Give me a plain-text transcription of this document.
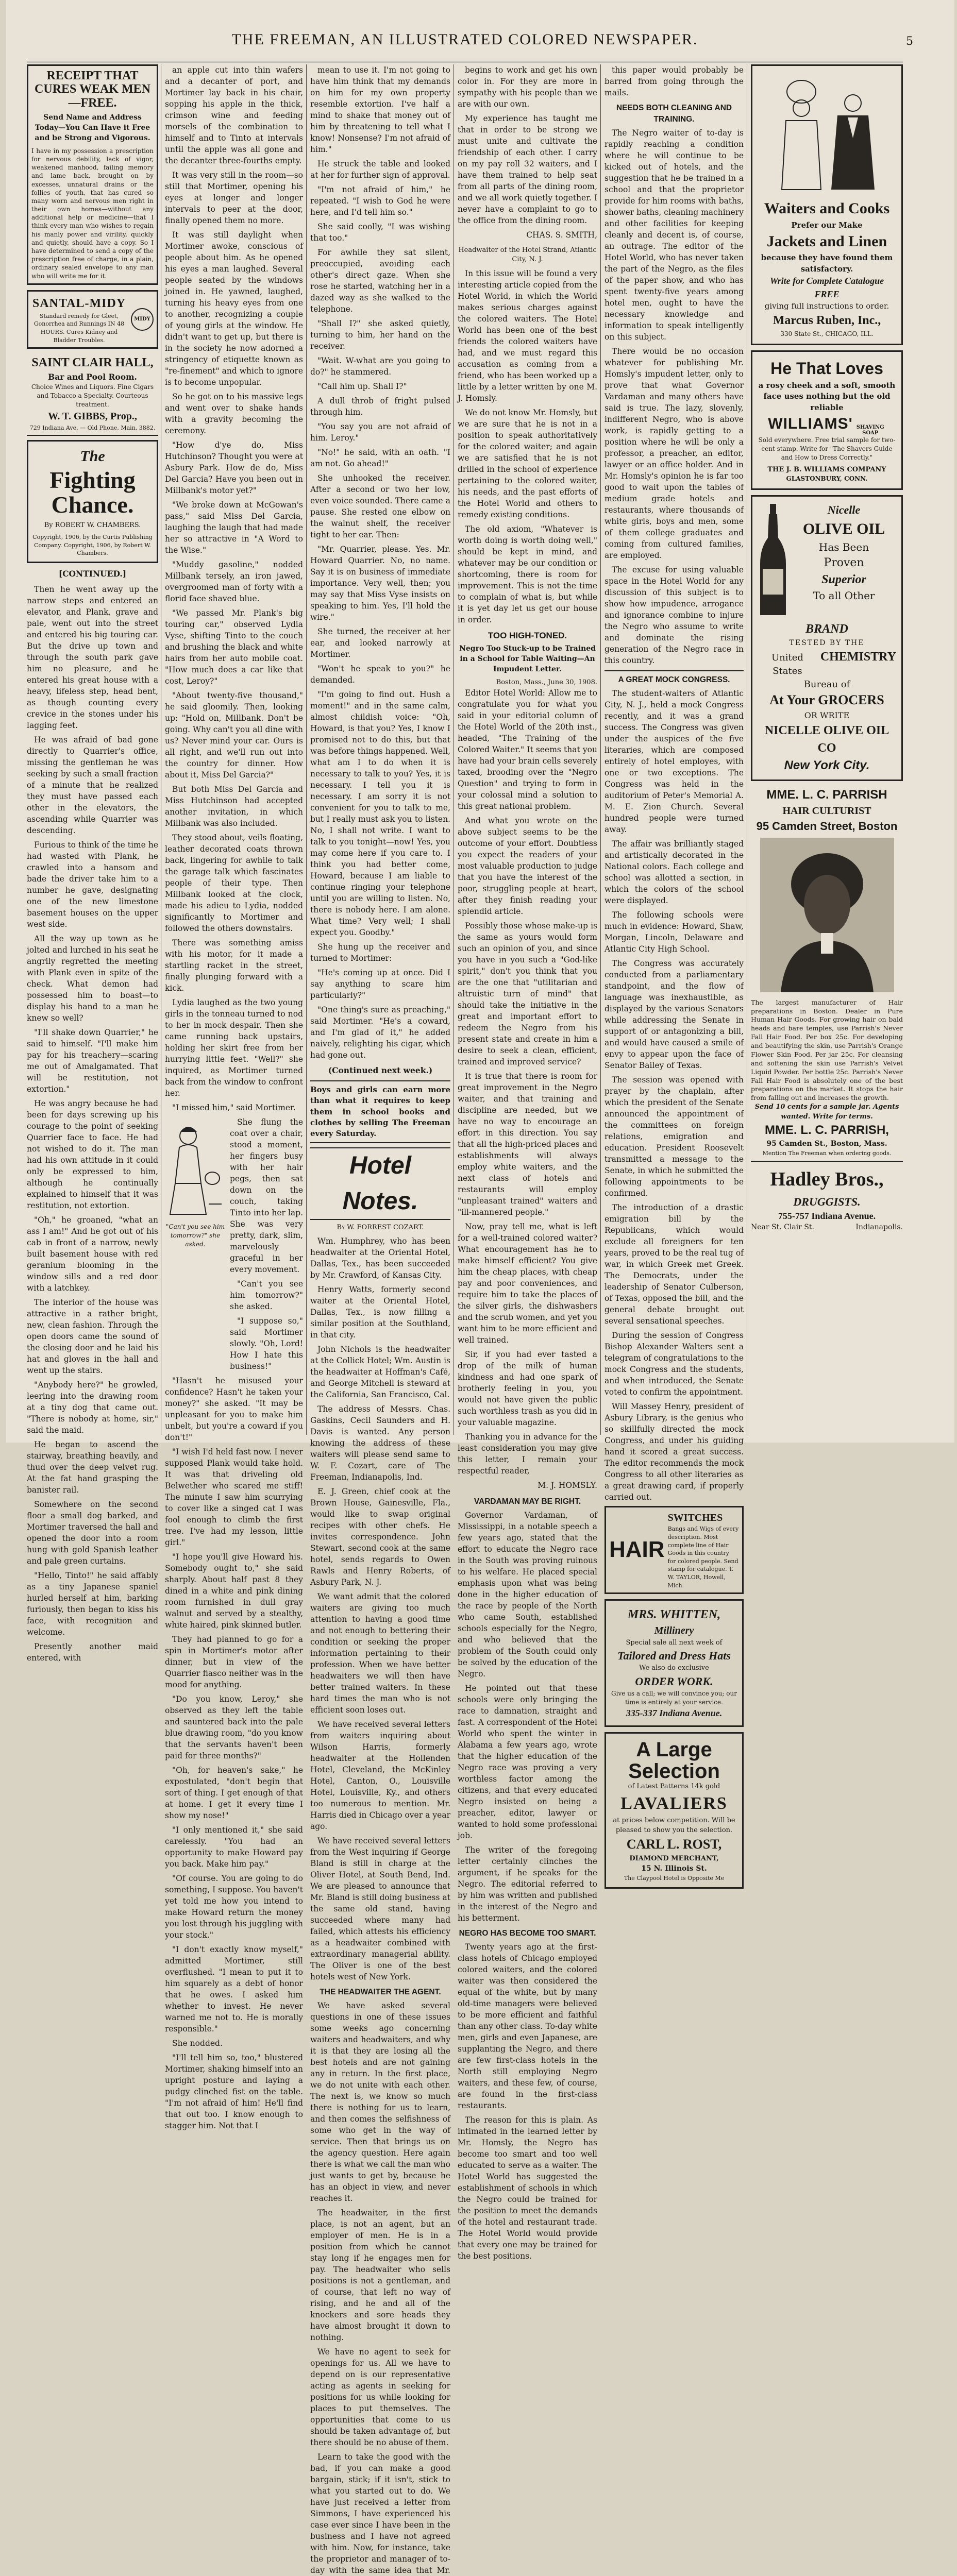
THE FREEMAN, AN ILLUSTRATED COLORED NEWSPAPER.	5
RECEIPT THAT CURES WEAK MEN—FREE.
Send Name and Address Today—You Can Have it Free and be Strong and Vigorous.
I have in my possession a prescription for nervous debility, lack of vigor, weakened manhood, failing memory and lame back, brought on by excesses, unnatural drains or the follies of youth, that has cured so many worn and nervous men right in their own homes—without any additional help or medicine—that I think every man who wishes to regain his manly power and virility, quickly and quietly, should have a copy. So I have determined to send a copy of the prescription free of charge, in a plain, ordinary sealed envelope to any man who will write me for it.
SANTAL-MIDY
Standard remedy for Gleet, Gonorrhea and Runnings IN 48 HOURS. Cures Kidney and Bladder Troubles.
MIDY
SAINT CLAIR HALL,
Bar and Pool Room.
Choice Wines and Liquors. Fine Cigars and Tobacco a Specialty. Courteous treatment.
W. T. GIBBS, Prop.,
729 Indiana Ave. — Old Phone, Main, 3882.
The
Fighting Chance.
By ROBERT W. CHAMBERS.
Copyright, 1906, by the Curtis Publishing Company. Copyright, 1906, by Robert W. Chambers.
[CONTINUED.]

Then he went away up the narrow steps and entered an elevator, and Plank, grave and pale, went out into the street and entered his big touring car. But the drive up town and through the south park gave him no pleasure, and he entered his great house with a heavy, lifeless step, head bent, as though counting every crevice in the stones under his lagging feet.

He was afraid of bad gone directly to Quarrier's office, missing the gentleman he was seeking by such a small fraction of a minute that he realized they must have passed each other in the elevators, the ascending while Quarrier was descending.

Furious to think of the time he had wasted with Plank, he crawled into a hansom and bade the driver take him to a number he gave, designating one of the new limestone basement houses on the upper west side.

All the way up town as he jolted and lurched in his seat he angrily regretted the meeting with Plank even in spite of the check. What demon had possessed him to boast—to display his hand to a man he knew so well?

"I'll shake down Quarrier," he said to himself. "I'll make him pay for his treachery—scaring me out of Amalgamated. That will be restitution, not extortion."

He was angry because he had been for days screwing up his courage to the point of seeking Quarrier face to face. He had not wished to do it. The man had his own attitude in it could only be expressed to him, although he continually explained to himself that it was restitution, not extortion.

"Oh," he groaned, "what an ass I am!" And he got out of his cab in front of a narrow, newly built basement house with red geranium blooming in the window sills and a red door with a latchkey.

The interior of the house was attractive in a rather bright, new, clean fashion. Through the open doors came the sound of the closing door and he laid his hat and gloves in the hall and went up the stairs.

"Anybody here?" he growled, leering into the drawing room at a tiny dog that came out. "There is nobody at home, sir," said the maid.

He began to ascend the stairway, breathing heavily, and thud over the deep velvet rug. At the fat hand grasping the banister rail.

Somewhere on the second floor a small dog barked, and Mortimer traversed the hall and opened the door into a room hung with gold Spanish leather and pale green curtains.

"Hello, Tinto!" he said affably as a tiny Japanese spaniel hurled herself at him, barking furiously, then began to kiss his face, with recognition and welcome.

Presently another maid entered, with

an apple cut into thin wafers and a decanter of port, and Mortimer lay back in his chair, sopping his apple in the thick, crimson wine and feeding morsels of the combination to himself and to Tinto at intervals until the apple was all gone and the decanter three-fourths empty.

It was very still in the room—so still that Mortimer, opening his eyes at longer and longer intervals to peer at the door, finally opened them no more.

It was still daylight when Mortimer awoke, conscious of people about him. As he opened his eyes a man laughed. Several people seated by the windows joined in. He yawned, laughed, turning his heavy eyes from one to another, recognizing a couple of young girls at the window. He didn't want to get up, but there is in the society he now adorned a stringency of etiquette known as "re-finement" and which to ignore is to become unpopular.

So he got on to his massive legs and went over to shake hands with a gravity becoming the ceremony.

"How d'ye do, Miss Hutchinson? Thought you were at Asbury Park. How de do, Miss Del Garcia? Have you been out in Millbank's motor yet?"

"We broke down at McGowan's pass," said Miss Del Garcia, laughing the laugh that had made her so attractive in "A Word to the Wise."

"Muddy gasoline," nodded Millbank tersely, an iron jawed, overgroomed man of forty with a florid face shaved blue.

"We passed Mr. Plank's big touring car," observed Lydia Vyse, shifting Tinto to the couch and brushing the black and white hairs from her auto mobile coat. "How much does a car like that cost, Leroy?"

"About twenty-five thousand," he said gloomily. Then, looking up: "Hold on, Millbank. Don't be going. Why can't you all dine with us? Never mind your car. Ours is all right, and we'll run out into the country for dinner. How about it, Miss Del Garcia?"

But both Miss Del Garcia and Miss Hutchinson had accepted another invitation, in which Millbank was also included.

They stood about, veils floating, leather decorated coats thrown back, lingering for awhile to talk the garage talk which fascinates people of their type. Then Millbank looked at the clock, made his adieu to Lydia, nodded significantly to Mortimer and followed the others downstairs.

There was something amiss with his motor, for it made a startling racket in the street, finally plunging forward with a kick.

Lydia laughed as the two young girls in the tonneau turned to nod to her in mock despair. Then she came running back upstairs, holding her skirt free from her hurrying little feet. "Well?" she inquired, as Mortimer turned back from the window to confront her.

"I missed him," said Mortimer.

"Can't you see him tomorrow?" she asked.

She flung the coat over a chair, stood a moment, her fingers busy with her hair pegs, then sat down on the couch, taking Tinto into her lap. She was very pretty, dark, slim, marvelously graceful in her every movement.

"Can't you see him tomorrow?" she asked.

"I suppose so," said Mortimer slowly. "Oh, Lord! How I hate this business!"

"Hasn't he misused your confidence? Hasn't he taken your money?" she asked. "It may be unpleasant for you to make him unbelt, but you're a coward if you don't!"

"I wish I'd held fast now. I never supposed Plank would take hold. It was that driveling old Belwether who scared me stiff! The minute I saw him scurrying to cover like a singed cat I was fool enough to climb the first tree. I've had my lesson, little girl."

"I hope you'll give Howard his. Somebody ought to," she said sharply. About half past 8 they dined in a white and pink dining room furnished in dull gray walnut and served by a stealthy, white haired, pink skinned butler.

They had planned to go for a spin in Mortimer's motor after dinner, but in view of the Quarrier fiasco neither was in the mood for anything.

"Do you know, Leroy," she observed as they left the table and sauntered back into the pale blue drawing room, "do you know that the servants haven't been paid for three months?"

"Oh, for heaven's sake," he expostulated, "don't begin that sort of thing. I get enough of that at home. I get it every time I show my nose!"

"I only mentioned it," she said carelessly. "You had an opportunity to make Howard pay you back. Make him pay."

"Of course. You are going to do something, I suppose. You haven't yet told me how you intend to make Howard return the money you lost through his juggling with your stock."

"I don't exactly know myself," admitted Mortimer, still overflushed. "I mean to put it to him squarely as a debt of honor that he owes. I asked him whether to invest. He never warned me not to. He is morally responsible."

She nodded.

"I'll tell him so, too," blustered Mortimer, shaking himself into an upright posture and laying a pudgy clinched fist on the table. "I'm not afraid of him! He'll find that out too. I know enough to stagger him. Not that I

mean to use it. I'm not going to have him think that my demands on him for my own property resemble extortion. I've half a mind to shake that money out of him by threatening to tell what I know! Nonsense? I'm not afraid of him."

He struck the table and looked at her for further sign of approval.

"I'm not afraid of him," he repeated. "I wish to God he were here, and I'd tell him so."

She said coolly, "I was wishing that too."

For awhile they sat silent, preoccupied, avoiding each other's direct gaze. When she rose he started, watching her in a dazed way as she walked to the telephone.

"Shall I?" she asked quietly, turning to him, her hand on the receiver.

"Wait. W-what are you going to do?" he stammered.

"Call him up. Shall I?"

A dull throb of fright pulsed through him.

"You say you are not afraid of him. Leroy."

"No!" he said, with an oath. "I am not. Go ahead!"

She unhooked the receiver. After a second or two her low, even voice sounded. There came a pause. She rested one elbow on the walnut shelf, the receiver tight to her ear. Then:

"Mr. Quarrier, please. Yes. Mr. Howard Quarrier. No, no name. Say it is on business of immediate importance. Very well, then; you may say that Miss Vyse insists on speaking to him. Yes, I'll hold the wire."

She turned, the receiver at her ear, and looked narrowly at Mortimer.

"Won't he speak to you?" he demanded.

"I'm going to find out. Hush a moment!" and in the same calm, almost childish voice: "Oh, Howard, is that you? Yes, I know I promised not to do this, but that was before things happened. Well, what am I to do when it is necessary to talk to you? Yes, it is necessary. I tell you it is necessary. I am sorry it is not convenient for you to talk to me, but I really must ask you to listen. No, I shall not write. I want to talk to you tonight—now! Yes, you may come here if you care to. I think you had better come, Howard, because I am liable to continue ringing your telephone until you are willing to listen. No, there is nobody here. I am alone. What time? Very well; I shall expect you. Goodby."

She hung up the receiver and turned to Mortimer:

"He's coming up at once. Did I say anything to scare him particularly?"

"One thing's sure as preaching," said Mortimer. "He's a coward, and I'm glad of it," he added naively, relighting his cigar, which had gone out.

(Continued next week.)
Boys and girls can earn more than what it requires to keep them in school books and clothes by selling The Freeman every Saturday.
Hotel Notes.
By W. FORREST COZART.

Wm. Humphrey, who has been headwaiter at the Oriental Hotel, Dallas, Tex., has been succeeded by Mr. Crawford, of Kansas City.

Henry Watts, formerly second waiter at the Oriental Hotel, Dallas, Tex., is now filling a similar position at the Southland, in that city.

John Nichols is the headwaiter at the Collick Hotel; Wm. Austin is the headwaiter at Hoffman's Café, and George Mitchell is steward at the California, San Francisco, Cal.

The address of Messrs. Chas. Gaskins, Cecil Saunders and H. Davis is wanted. Any person knowing the address of these waiters will please send same to W. F. Cozart, care of The Freeman, Indianapolis, Ind.

E. J. Green, chief cook at the Brown House, Gainesville, Fla., would like to swap original recipes with other chefs. He invites correspondence. John Stewart, second cook at the same hotel, sends regards to Owen Rawls and Henry Roberts, of Asbury Park, N. J.

We want admit that the colored waiters are giving too much attention to having a good time and not enough to bettering their condition or seeking the proper information pertaining to their profession. When we have better headwaiters we will then have better trained waiters. In these hard times the man who is not efficient soon loses out.

We have received several letters from waiters inquiring about Wilson Harris, formerly headwaiter at the Hollenden Hotel, Cleveland, the McKinley Hotel, Canton, O., Louisville Hotel, Louisville, Ky., and others too numerous to mention. Mr. Harris died in Chicago over a year ago.

We have received several letters from the West inquiring if George Bland is still in charge at the Oliver Hotel, at South Bend, Ind. We are pleased to announce that Mr. Bland is still doing business at the same old stand, having succeeded where many had failed, which attests his efficiency as a headwaiter combined with extraordinary managerial ability. The Oliver is one of the best hotels west of New York.

THE HEADWAITER THE AGENT.

We have asked several questions in one of these issues some weeks ago concerning waiters and headwaiters, and why it is that they are losing all the best hotels and are not gaining any in return. In the first place, we do not unite with each other. The next is, we know so much there is nothing for us to learn, and then comes the selfishness of some who get in the way of service. Then that brings us on the agency question. Here again there is what we call the man who just wants to get by, because he has an object in view, and never reaches it.

The headwaiter, in the first place, is not an agent, but an employer of men. He is in a position from which he cannot stay long if he engages men for pay. The headwaiter who sells positions is not a gentleman, and of course, that left no way of rising, and he and all of the knockers and sore heads they have almost brought it down to nothing.

We have no agent to seek for openings for us. All we have to depend on is our representative acting as agents in seeking for positions for us while looking for places to put themselves. The opportunities that come to us should be taken advantage of, but there should be no abuse of them.

Learn to take the good with the bad, if you can make a good bargain, stick; if it isn't, stick to what you started out to do. We have just received a letter from Simmons, I have experienced his case ever since I have been in the business and I have not agreed with him. Now, for instance, take the proprietor and manager of to-day with the same idea that Mr.

begins to work and get his own color in. For they are more in sympathy with his people than we are with our own.

My experience has taught me that in order to be strong we must unite and cultivate the friendship of each other. I carry on my pay roll 32 waiters, and I have them trained to help seat from all parts of the dining room, and we all work quietly together. I never have a complaint to go to the office from the dining room.

CHAS. S. SMITH,
Headwaiter of the Hotel Strand, Atlantic City, N. J.

In this issue will be found a very interesting article copied from the Hotel World, in which the World makes serious charges against the colored waiters. The Hotel World has been one of the best friends the colored waiters have had, and we must regard this accusation as coming from a friend, who has been worked up a little by a letter written by one M. J. Homsly.

We do not know Mr. Homsly, but we are sure that he is not in a position to speak authoritatively for the colored waiter; and again we are satisfied that he is not drilled in the school of experience pertaining to the colored waiter, his needs, and the past efforts of the Hotel World and others to remedy existing conditions.

The old axiom, "Whatever is worth doing is worth doing well," should be kept in mind, and whatever may be our condition or shortcoming, there is room for improvement. This is not the time to complain of what is, but while it is yet day let us get our house in order.

TOO HIGH-TONED.
Negro Too Stuck-up to be Trained in a School for Table Waiting—An Impudent Letter.
Boston, Mass., June 30, 1908.

Editor Hotel World: Allow me to congratulate you for what you said in your editorial column of the Hotel World of the 20th inst., headed, "The Training of the Colored Waiter." It seems that you have had your brain cells severely taxed, brooding over the "Negro Question" and trying to form in your colossal mind a solution to this great national problem.

And what you wrote on the above subject seems to be the outcome of your effort. Doubtless you expect the readers of your most valuable production to judge that you have the interest of the poor, struggling people at heart, after they finish reading your splendid article.

Possibly those whose make-up is the same as yours would form such an opinion of you, and since you have in you such a "God-like spirit," don't you think that you are the one that "utilitarian and altruistic turn of mind" that should take the initiative in the great and important effort to redeem the Negro from his present state and create in him a desire to seek a clean, efficient, trained and improved service?

It is true that there is room for great improvement in the Negro waiter, and that training and discipline are needed, but we have no way to encourage an effort in this direction. You say that all the high-priced places and establishments will always employ white waiters, and the next class of hotels and restaurants will employ "unpleasant trained" waiters and "ill-mannered people."

Now, pray tell me, what is left for a well-trained colored waiter? What encouragement has he to make himself efficient? You give him the cheap places, with cheap pay and poor conveniences, and require him to take the places of the silver girls, the dishwashers and the scrub women, and yet you want him to be more efficient and well trained.

Sir, if you had ever tasted a drop of the milk of human kindness and had one spark of brotherly feeling in you, you would not have given the public such worthless trash as you did in your valuable magazine.

Thanking you in advance for the least consideration you may give this letter, I remain your respectful reader,

M. J. HOMSLY.
VARDAMAN MAY BE RIGHT.

Governor Vardaman, of Mississippi, in a notable speech a few years ago, stated that the effort to educate the Negro race in the South was proving ruinous to his welfare. He placed special emphasis upon what was being done in the higher education of the race by people of the North who came South, established schools especially for the Negro, and who believed that the problem of the South could only be solved by the education of the Negro.

He pointed out that these schools were only bringing the race to damnation, straight and fast. A correspondent of the Hotel World who spent the winter in Alabama a few years ago, wrote that the higher education of the Negro race was proving a very worthless factor among the citizens, and that every educated Negro insisted on being a preacher, editor, lawyer or wanted to hold some professional job.

The writer of the foregoing letter certainly clinches the argument, if he speaks for the Negro. The editorial referred to by him was written and published in the interest of the Negro and his betterment.

NEGRO HAS BECOME TOO SMART.

Twenty years ago at the first-class hotels of Chicago employed colored waiters, and the colored waiter was then considered the equal of the white, but by many old-time managers were believed to be more efficient and faithful than any other class. To-day white men, girls and even Japanese, are supplanting the Negro, and there are few first-class hotels in the North still employing Negro waiters, and these few, of course, are found in the first-class restaurants.

The reason for this is plain. As intimated in the learned letter by Mr. Homsly, the Negro has become too smart and too well educated to serve as a waiter. The Hotel World has suggested the establishment of schools in which the Negro could be trained for the position to meet the demands of the hotel and restaurant trade. The Hotel World would provide that every one may be trained for the best positions.

this paper would probably be barred from going through the mails.

NEEDS BOTH CLEANING AND TRAINING.

The Negro waiter of to-day is rapidly reaching a condition where he will continue to be kicked out of hotels, and the suggestion that he be trained in a school and that the proprietor provide for him rooms with baths, shower baths, cleaning machinery and other facilities for keeping cleanly and decent is, of course, an outrage. The editor of the Hotel World, who has never taken the part of the Negro, as the files of the paper show, and who has spent twenty-five years among hotel men, ought to have the necessary knowledge and information to speak intelligently on this subject.

There would be no occasion whatever for publishing Mr. Homsly's impudent letter, only to prove that what Governor Vardaman and many others have said is true. The lazy, slovenly, indifferent Negro, who is above work, is rapidly getting to a position where he will be only a professor, a preacher, an editor, lawyer or an office holder. And in Mr. Homsly's opinion he is far too good to wait upon the tables of medium grade hotels and restaurants, where thousands of white girls, boys and men, some of them college graduates and coming from cultured families, are employed.

The excuse for using valuable space in the Hotel World for any discussion of this subject is to show how impudence, arrogance and ignorance combine to injure the Negro who assume to write and dominate the rising generation of the Negro race in this country.

A GREAT MOCK CONGRESS.

The student-waiters of Atlantic City, N. J., held a mock Congress recently, and it was a grand success. The Congress was given under the auspices of the five literaries, which are composed entirely of hotel employes, with one or two exceptions. The Congress was held in the auditorium of Peter's Memorial A. M. E. Zion Church. Several hundred people were turned away.

The affair was brilliantly staged and artistically decorated in the National colors. Each college and school was allotted a section, in which the colors of the school were displayed.

The following schools were much in evidence: Howard, Shaw, Morgan, Lincoln, Delaware and Atlantic City High School.

The Congress was accurately conducted from a parliamentary standpoint, and the flow of language was inexhaustible, as displayed by the various Senators while addressing the Senate in support of or antagonizing a bill, and would have caused a smile of envy to appear upon the face of Senator Bailey of Texas.

The session was opened with prayer by the chaplain, after which the president of the Senate announced the appointment of the committees on foreign relations, emigration and education. President Roosevelt transmitted a message to the Senate, in which he submitted the following appointments to be confirmed.

The introduction of a drastic emigration bill by the Republicans, which would exclude all foreigners for ten years, proved to be the real tug of war, in which Greek met Greek. The Democrats, under the leadership of Senator Culberson, of Texas, opposed the bill, and the general debate brought out several sensational speeches.

During the session of Congress Bishop Alexander Walters sent a telegram of congratulations to the mock Congress and the students, and when introduced, the Senate voted to confirm the appointment.

Will Massey Henry, president of Asbury Library, is the genius who so skillfully directed the mock Congress, and under his guiding hand it scored a great success. The editor recommends the mock Congress to all other literaries as a great drawing card, if properly carried out.

HAIR
SWITCHES
Bangs and Wigs of every description. Most complete line of Hair Goods in this country for colored people. Send stamp for catalogue. T. W. TAYLOR, Howell, Mich.
MRS. WHITTEN,
Millinery
Special sale all next week of
Tailored and Dress Hats
We also do exclusive
ORDER WORK.
Give us a call; we will convince you; our time is entirely at your service.
335-337 Indiana Avenue.
A Large Selection
of Latest Patterns 14k gold
LAVALIERS
at prices below competition. Will be pleased to show you the selection.
CARL L. ROST,
DIAMOND MERCHANT,
15 N. Illinois St.
The Claypool Hotel is Opposite Me
Waiters and Cooks
Prefer our Make
Jackets and Linen
because they have found them satisfactory.
Write for Complete Catalogue FREE
giving full instructions to order.
Marcus Ruben, Inc.,
330 State St., CHICAGO, ILL.
He That Loves
a rosy cheek and a soft, smooth face uses nothing but the old reliable
WILLIAMS' SHAVING SOAP
Sold everywhere. Free trial sample for two-cent stamp. Write for "The Shavers Guide and How to Dress Correctly."
THE J. B. WILLIAMS COMPANY
GLASTONBURY, CONN.
Nicelle
OLIVE OIL
Has Been
Proven
Superior
To all Other
BRAND
TESTED BY THE
United States
CHEMISTRY
Bureau of
At Your GROCERS
OR WRITE
NICELLE OLIVE OIL CO
New York City.
MME. L. C. PARRISH
HAIR CULTURIST
95 Camden Street, Boston
The largest manufacturer of Hair preparations in Boston. Dealer in Pure Human Hair Goods. For growing hair on bald heads and bare temples, use Parrish's Never Fall Hair Food. Per box 25c. For developing and beautifying the skin, use Parrish's Orange Flower Skin Food. Per jar 25c. For cleansing and softening the skin use Parrish's Velvet Liquid Powder. Per bottle 25c. Parrish's Never Fall Hair Food is absolutely one of the best preparations on the market. It stops the hair from falling out and increases the growth.
Send 10 cents for a sample jar. Agents wanted. Write for terms.
MME. L. C. PARRISH,
95 Camden St., Boston, Mass.
Mention The Freeman when ordering goods.
Hadley Bros.,
DRUGGISTS.
755-757 Indiana Avenue.
Near St. Clair St.	Indianapolis.
